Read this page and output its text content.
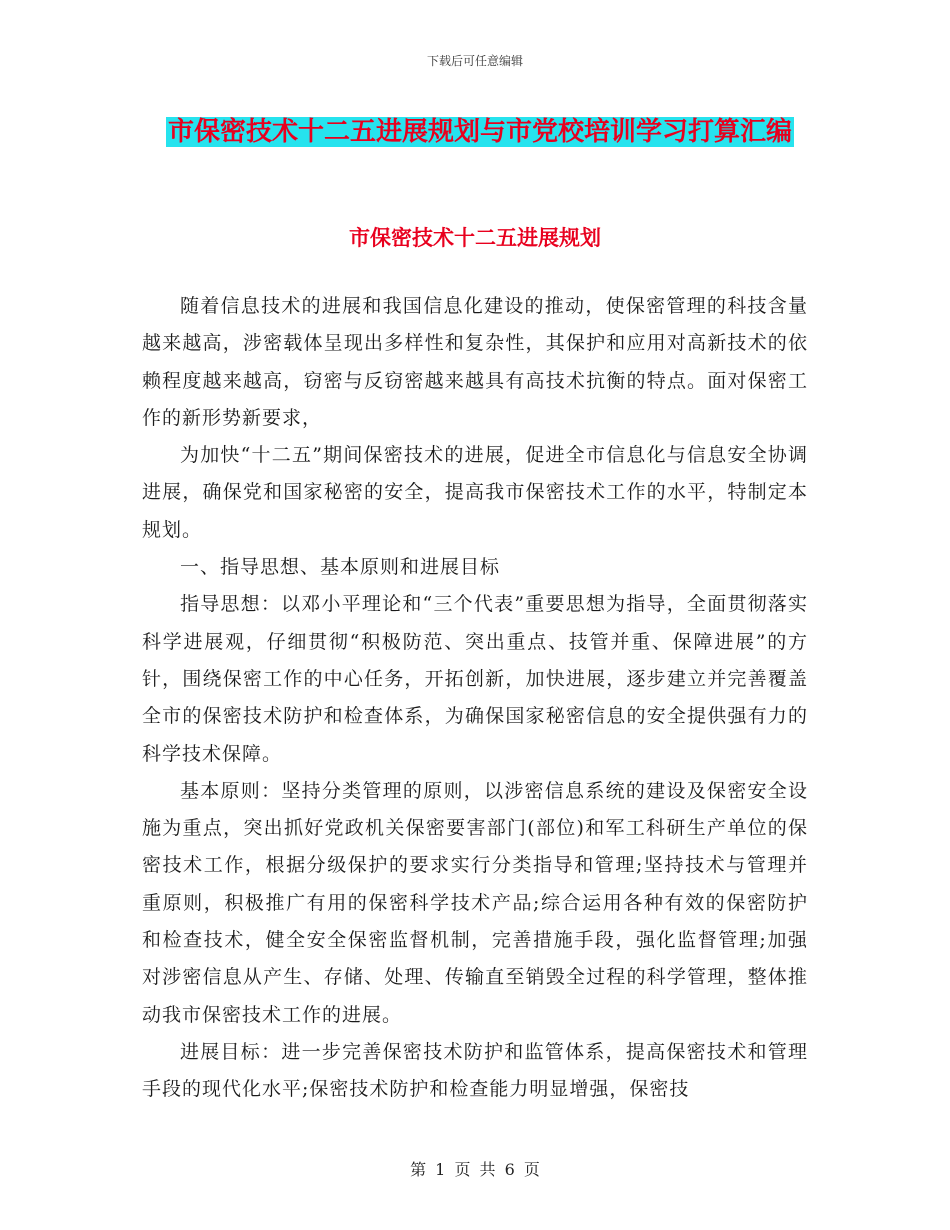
下载后可任意编辑
市保密技术十二五进展规划与市党校培训学习打算汇编
市保密技术十二五进展规划

随着信息技术的进展和我国信息化建设的推动，使保密管理的科技含量越来越高，涉密载体呈现出多样性和复杂性，其保护和应用对高新技术的依赖程度越来越高，窃密与反窃密越来越具有高技术抗衡的特点。面对保密工作的新形势新要求，

为加快“十二五”期间保密技术的进展，促进全市信息化与信息安全协调进展，确保党和国家秘密的安全，提高我市保密技术工作的水平，特制定本规划。

一、指导思想、基本原则和进展目标

指导思想：以邓小平理论和“三个代表”重要思想为指导，全面贯彻落实科学进展观，仔细贯彻“积极防范、突出重点、技管并重、保障进展”的方针，围绕保密工作的中心任务，开拓创新，加快进展，逐步建立并完善覆盖全市的保密技术防护和检查体系，为确保国家秘密信息的安全提供强有力的科学技术保障。

基本原则：坚持分类管理的原则，以涉密信息系统的建设及保密安全设施为重点，突出抓好党政机关保密要害部门(部位)和军工科研生产单位的保密技术工作，根据分级保护的要求实行分类指导和管理;坚持技术与管理并重原则，积极推广有用的保密科学技术产品;综合运用各种有效的保密防护和检查技术，健全安全保密监督机制，完善措施手段，强化监督管理;加强对涉密信息从产生、存储、处理、传输直至销毁全过程的科学管理，整体推动我市保密技术工作的进展。

进展目标：进一步完善保密技术防护和监管体系，提高保密技术和管理手段的现代化水平;保密技术防护和检查能力明显增强，保密技

第 1 页 共 6 页
